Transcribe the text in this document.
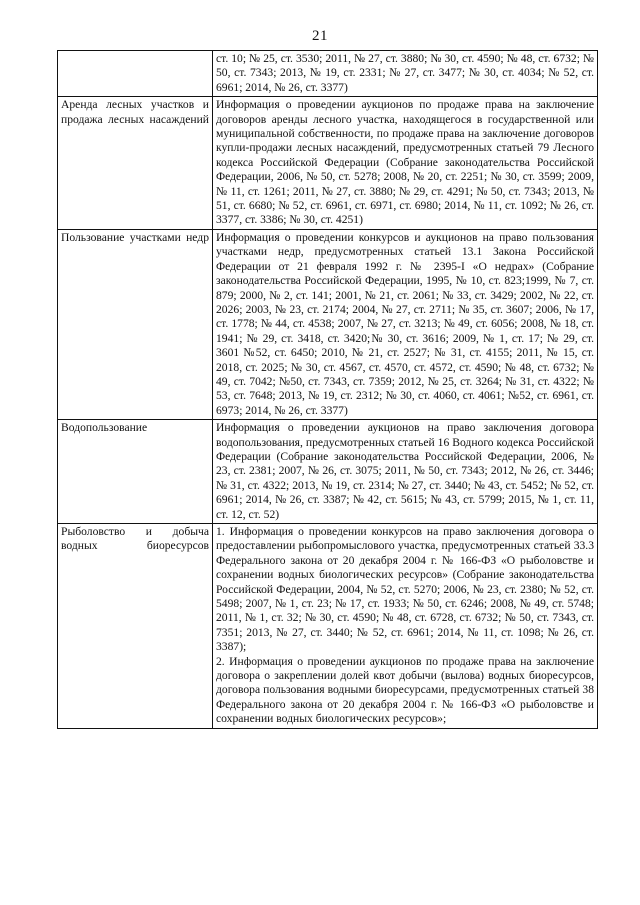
21

	ст. 10; № 25, ст. 3530; 2011, № 27, ст. 3880; № 30, ст. 4590; № 48, ст. 6732; № 50, ст. 7343; 2013, № 19, ст. 2331; № 27, ст. 3477; № 30, ст. 4034; № 52, ст. 6961; 2014, № 26, ст. 3377)

Аренда лесных участков и продажа лесных насаждений	Информация о проведении аукционов по продаже права на заключение договоров аренды лесного участка, находящегося в государственной или муниципальной собственности, по продаже права на заключение договоров купли-продажи лесных насаждений, предусмотренных статьей 79 Лесного кодекса Российской Федерации (Собрание законодательства Российской Федерации, 2006, № 50, ст. 5278; 2008, № 20, ст. 2251; № 30, ст. 3599; 2009, № 11, ст. 1261; 2011, № 27, ст. 3880; № 29, ст. 4291; № 50, ст. 7343; 2013, № 51, ст. 6680; № 52, ст. 6961, ст. 6971, ст. 6980; 2014, № 11, ст. 1092; № 26, ст. 3377, ст. 3386; № 30, ст. 4251)

Пользование участками недр	Информация о проведении конкурсов и аукционов на право пользования участками недр, предусмотренных статьей 13.1 Закона Российской Федерации от 21 февраля 1992 г. № 2395-I «О недрах» (Собрание законодательства Российской Федерации, 1995, № 10, ст. 823;1999, № 7, ст. 879; 2000, № 2, ст. 141; 2001, № 21, ст. 2061; № 33, ст. 3429; 2002, № 22, ст. 2026; 2003, № 23, ст. 2174; 2004, № 27, ст. 2711; № 35, ст. 3607; 2006, № 17, ст. 1778; № 44, ст. 4538; 2007, № 27, ст. 3213; № 49, ст. 6056; 2008, № 18, ст. 1941; № 29, ст. 3418, ст. 3420;№ 30, ст. 3616; 2009, № 1, ст. 17; № 29, ст. 3601 №52, ст. 6450; 2010, № 21, ст. 2527; № 31, ст. 4155; 2011, № 15, ст. 2018, ст. 2025; № 30, ст. 4567, ст. 4570, ст. 4572, ст. 4590; № 48, ст. 6732; № 49, ст. 7042; №50, ст. 7343, ст. 7359; 2012, № 25, ст. 3264; № 31, ст. 4322; № 53, ст. 7648; 2013, № 19, ст. 2312; № 30, ст. 4060, ст. 4061; №52, ст. 6961, ст. 6973; 2014, № 26, ст. 3377)

Водопользование	Информация о проведении аукционов на право заключения договора водопользования, предусмотренных статьей 16 Водного кодекса Российской Федерации (Собрание законодательства Российской Федерации, 2006, № 23, ст. 2381; 2007, № 26, ст. 3075; 2011, № 50, ст. 7343; 2012, № 26, ст. 3446; № 31, ст. 4322; 2013, № 19, ст. 2314; № 27, ст. 3440; № 43, ст. 5452; № 52, ст. 6961; 2014, № 26, ст. 3387; № 42, ст. 5615; № 43, ст. 5799; 2015, № 1, ст. 11, ст. 12, ст. 52)

Рыболовство и добыча водных биоресурсов	1. Информация о проведении конкурсов на право заключения договора о предоставлении рыбопромыслового участка, предусмотренных статьей 33.3 Федерального закона от 20 декабря 2004 г. № 166-ФЗ «О рыболовстве и сохранении водных биологических ресурсов» (Собрание законодательства Российской Федерации, 2004, № 52, ст. 5270; 2006, № 23, ст. 2380; № 52, ст. 5498; 2007, № 1, ст. 23; № 17, ст. 1933; № 50, ст. 6246; 2008, № 49, ст. 5748; 2011, № 1, ст. 32; № 30, ст. 4590; № 48, ст. 6728, ст. 6732; № 50, ст. 7343, ст. 7351; 2013, № 27, ст. 3440; № 52, ст. 6961; 2014, № 11, ст. 1098; № 26, ст. 3387);

2. Информация о проведении аукционов по продаже права на заключение договора о закреплении долей квот добычи (вылова) водных биоресурсов, договора пользования водными биоресурсами, предусмотренных статьей 38 Федерального закона от 20 декабря 2004 г. № 166-ФЗ «О рыболовстве и сохранении водных биологических ресурсов»;
